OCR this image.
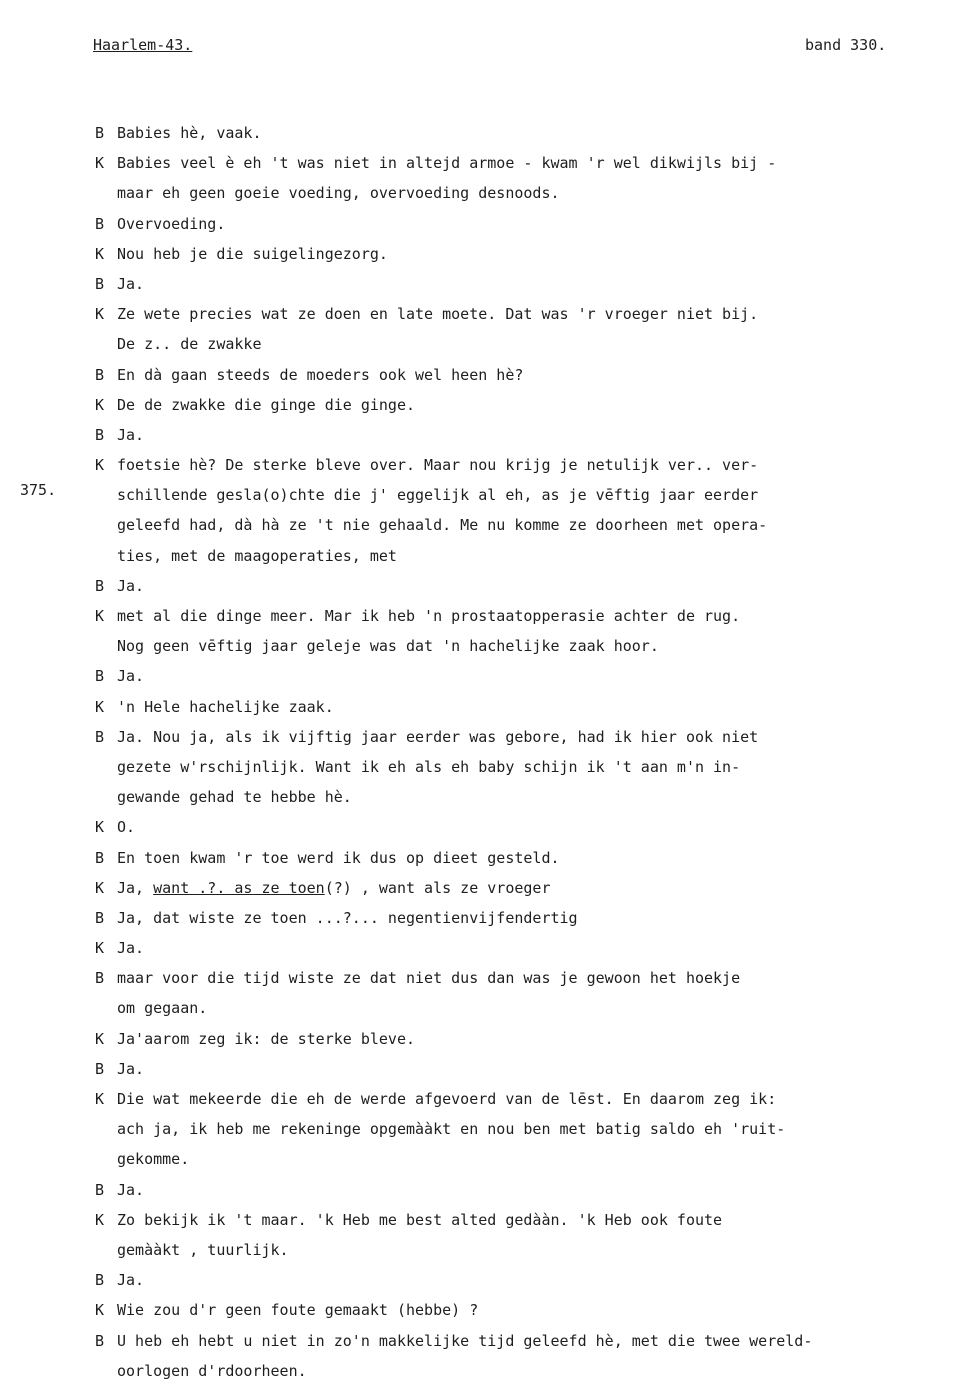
Haarlem-43.	band 330.
375.
B Babies hè, vaak.
K Babies veel è eh 't was niet in altejd armoe - kwam 'r wel dikwijls bij -
maar eh geen goeie voeding, overvoeding desnoods.
B Overvoeding.
K Nou heb je die suigelingezorg.
B Ja.
K Ze wete precies wat ze doen en late moete. Dat was 'r vroeger niet bij.
De z.. de zwakke
B En dà gaan steeds de moeders ook wel heen hè?
K De de zwakke die ginge die ginge.
B Ja.
K foetsie hè? De sterke bleve over. Maar nou krijg je netulijk ver.. ver-
schillende gesla(o)chte die j' eggelijk al eh, as je vēftig jaar eerder
geleefd had, dà hà ze 't nie gehaald. Me nu komme ze doorheen met opera-
ties, met de maagoperaties, met
B Ja.
K met al die dinge meer. Mar ik heb 'n prostaatopperasie achter de rug.
Nog geen vēftig jaar geleje was dat 'n hachelijke zaak hoor.
B Ja.
K 'n Hele hachelijke zaak.
B Ja. Nou ja, als ik vijftig jaar eerder was gebore, had ik hier ook niet
gezete w'rschijnlijk. Want ik eh als eh baby schijn ik 't aan m'n in-
gewande gehad te hebbe hè.
K O.
B En toen kwam 'r toe werd ik dus op dieet gesteld.
K Ja, want .?. as ze toen(?) , want als ze vroeger
B Ja, dat wiste ze toen ...?... negentienvijfendertig
K Ja.
B maar voor die tijd wiste ze dat niet dus dan was je gewoon het hoekje
om gegaan.
K Ja'aarom zeg ik: de sterke bleve.
B Ja.
K Die wat mekeerde die eh de werde afgevoerd van de lēst. En daarom zeg ik:
ach ja, ik heb me rekeninge opgemààkt en nou ben met batig saldo eh 'ruit-
gekomme.
B Ja.
K Zo bekijk ik 't maar. 'k Heb me best alted gedààn. 'k Heb ook foute
gemààkt , tuurlijk.
B Ja.
K Wie zou d'r geen foute gemaakt (hebbe) ?
B U heb eh hebt u niet in zo'n makkelijke tijd geleefd hè, met die twee wereld-
oorlogen d'rdoorheen.
